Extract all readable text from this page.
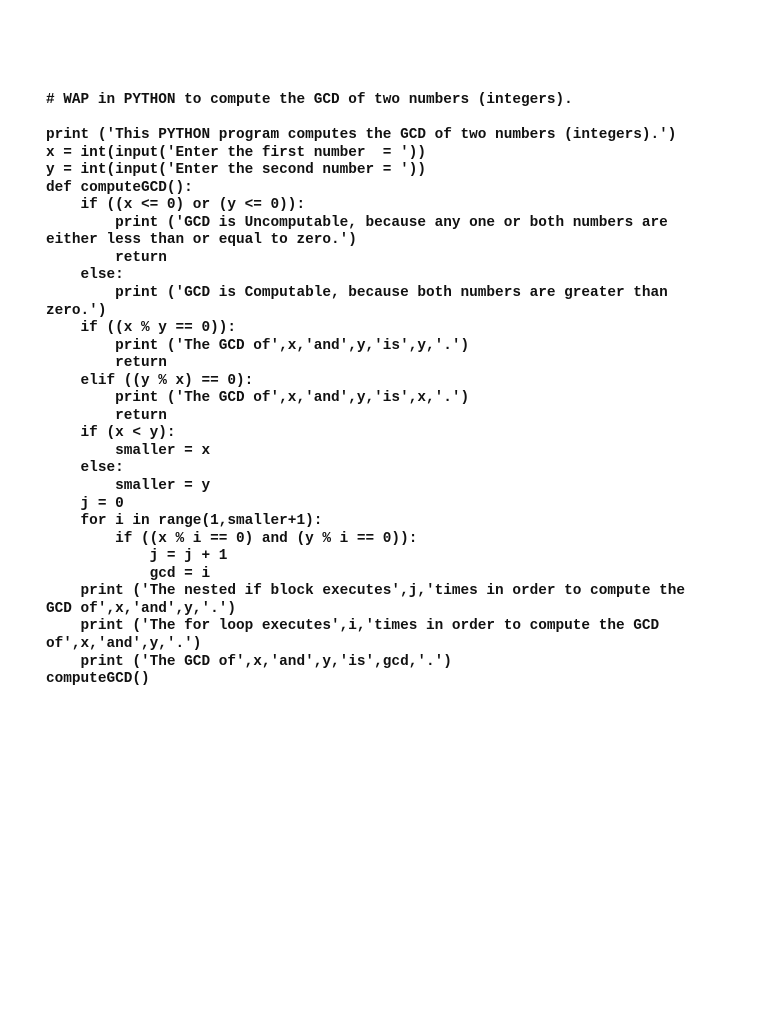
# WAP in PYTHON to compute the GCD of two numbers (integers).
print ('This PYTHON program computes the GCD of two numbers (integers).')
x = int(input('Enter the first number  = '))
y = int(input('Enter the second number = '))
def computeGCD():
if ((x <= 0) or (y <= 0)):
print ('GCD is Uncomputable, because any one or both numbers are
either less than or equal to zero.')
return
else:
print ('GCD is Computable, because both numbers are greater than
zero.')
if ((x % y == 0)):
print ('The GCD of',x,'and',y,'is',y,'.')
return
elif ((y % x) == 0):
print ('The GCD of',x,'and',y,'is',x,'.')
return
if (x < y):
smaller = x
else:
smaller = y
j = 0
for i in range(1,smaller+1):
if ((x % i == 0) and (y % i == 0)):
j = j + 1
gcd = i
print ('The nested if block executes',j,'times in order to compute the
GCD of',x,'and',y,'.')
print ('The for loop executes',i,'times in order to compute the GCD
of',x,'and',y,'.')
print ('The GCD of',x,'and',y,'is',gcd,'.')
computeGCD()
